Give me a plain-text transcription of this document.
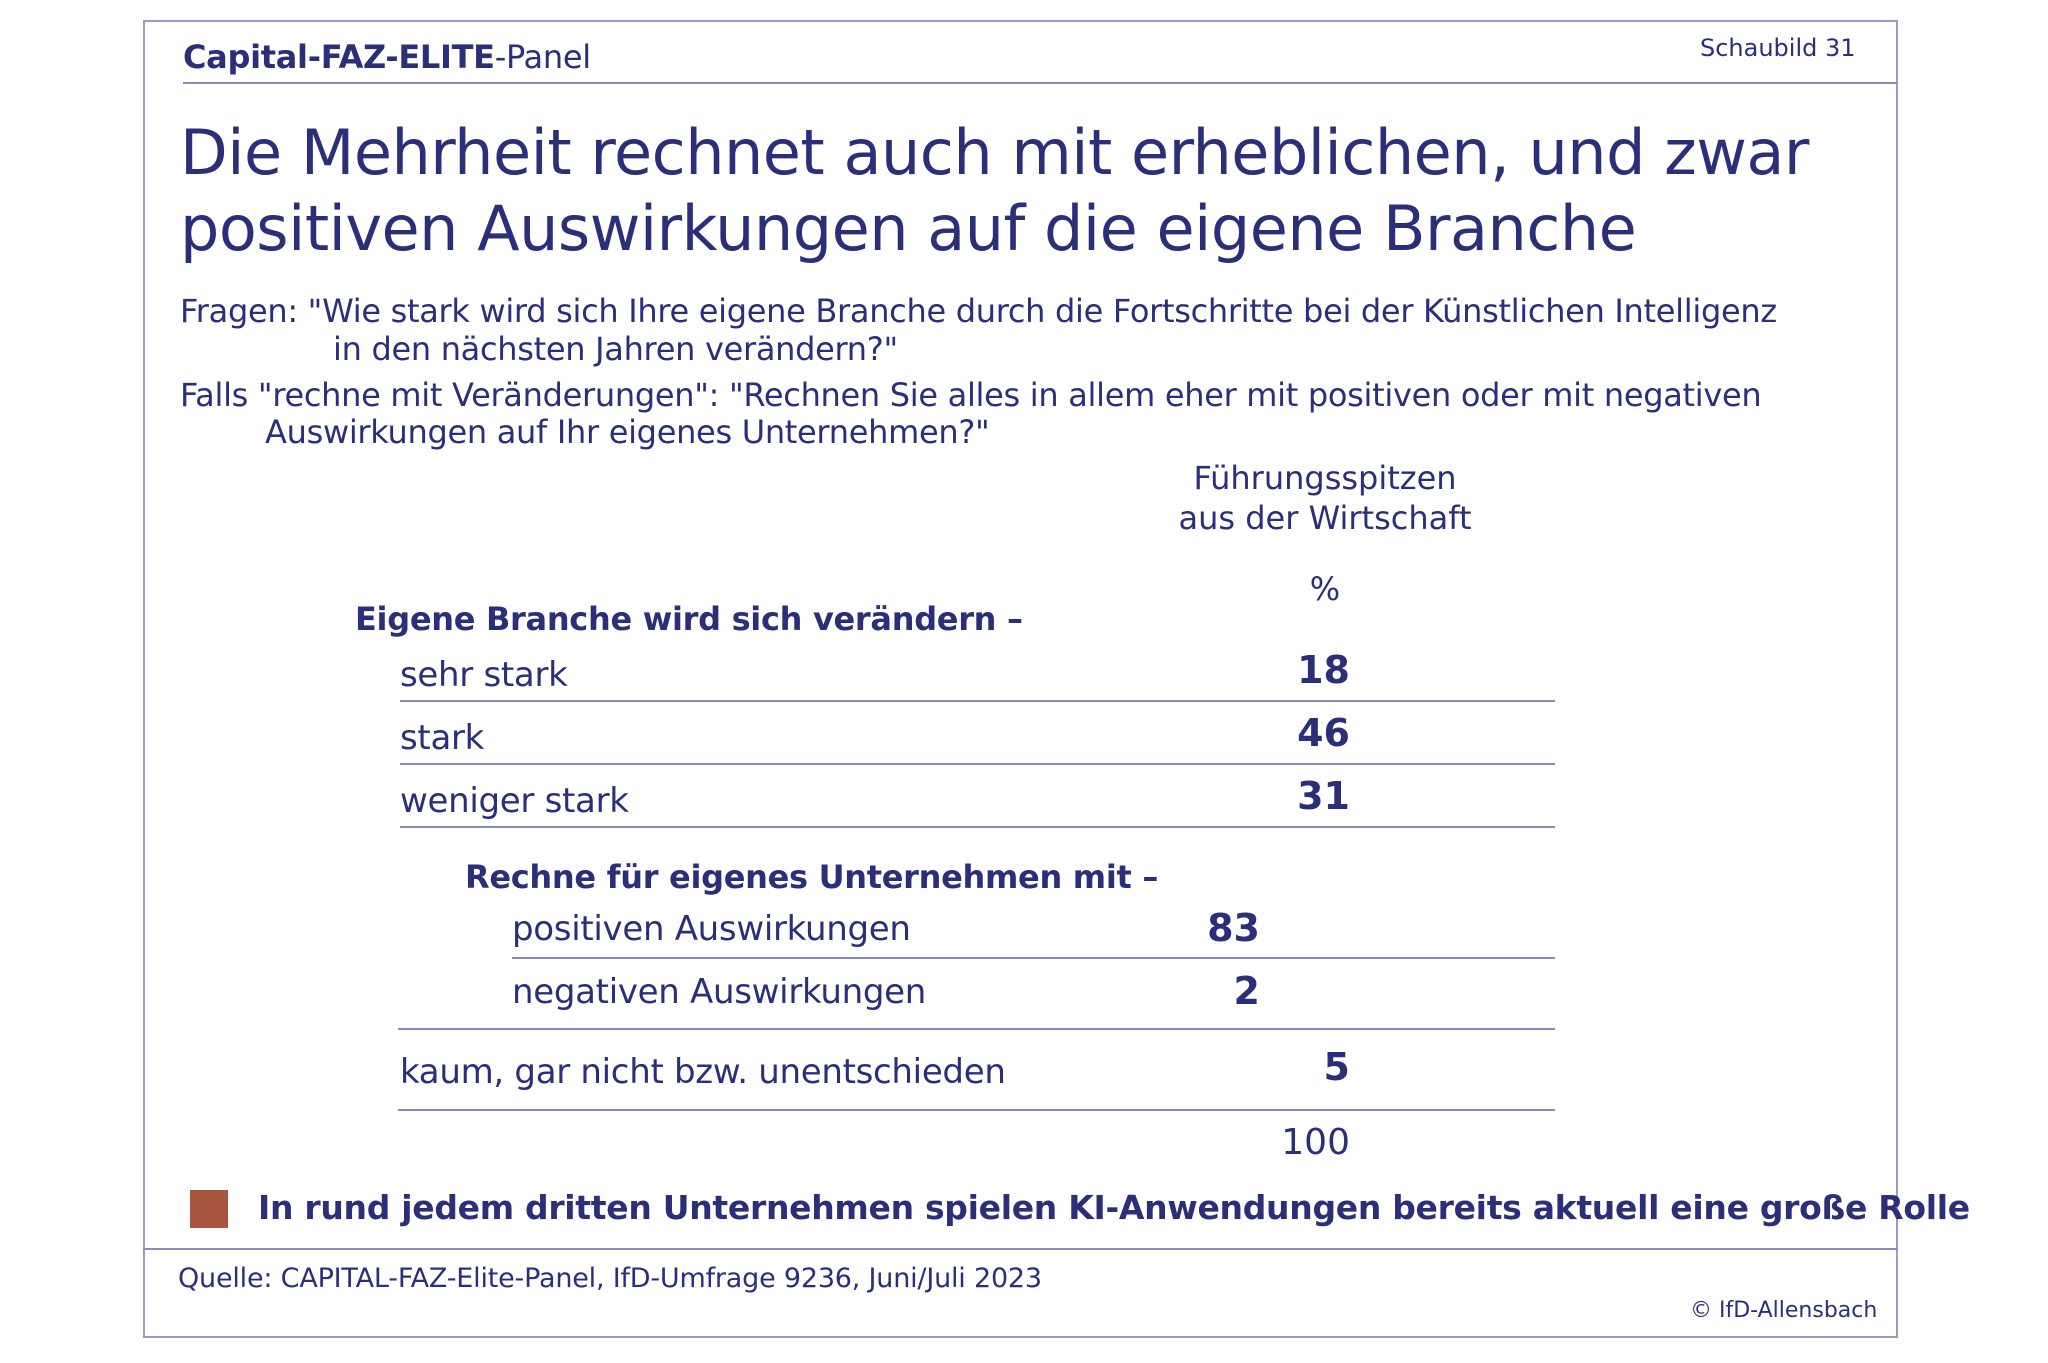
Capital-FAZ-ELITE-Panel	Schaubild 31
Die Mehrheit rechnet auch mit erheblichen, und zwar
positiven Auswirkungen auf die eigene Branche
Fragen: "Wie stark wird sich Ihre eigene Branche durch die Fortschritte bei der Künstlichen Intelligenz
in den nächsten Jahren verändern?"
Falls "rechne mit Veränderungen": "Rechnen Sie alles in allem eher mit positiven oder mit negativen
Auswirkungen auf Ihr eigenes Unternehmen?"
Führungsspitzen
aus der Wirtschaft
%
Eigene Branche wird sich verändern –
sehr stark	18
stark	46
weniger stark	31
Rechne für eigenes Unternehmen mit –
positiven Auswirkungen	83
negativen Auswirkungen	2
kaum, gar nicht bzw. unentschieden	5
100
In rund jedem dritten Unternehmen spielen KI-Anwendungen bereits aktuell eine große Rolle
Quelle: CAPITAL-FAZ-Elite-Panel, IfD-Umfrage 9236, Juni/Juli 2023
© IfD-Allensbach
